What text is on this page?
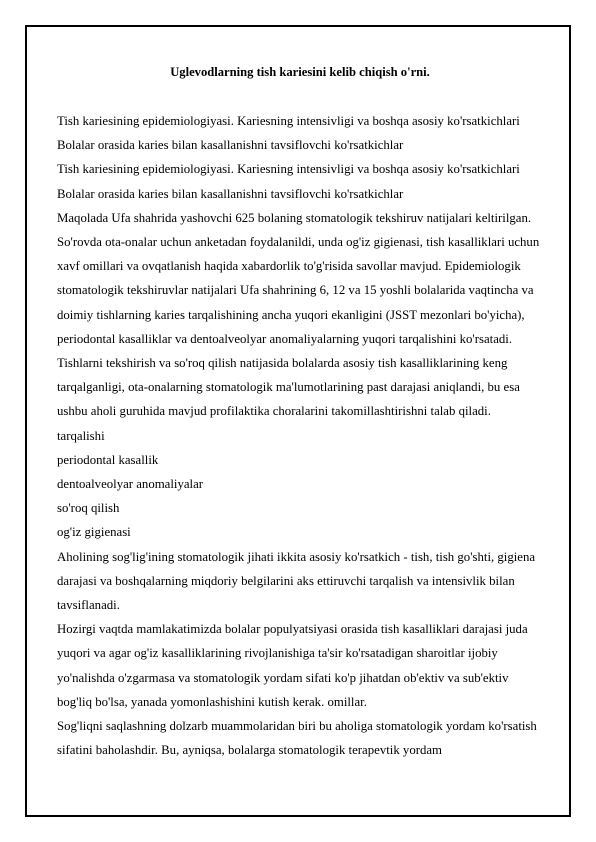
Uglevodlarning tish kariesini kelib chiqish o'rni.

Tish kariesining epidemiologiyasi. Kariesning intensivligi va boshqa asosiy ko'rsatkichlari Bolalar orasida karies bilan kasallanishni tavsiflovchi ko'rsatkichlar

Tish kariesining epidemiologiyasi. Kariesning intensivligi va boshqa asosiy ko'rsatkichlari Bolalar orasida karies bilan kasallanishni tavsiflovchi ko'rsatkichlar

Maqolada Ufa shahrida yashovchi 625 bolaning stomatologik tekshiruv natijalari keltirilgan. So'rovda ota-onalar uchun anketadan foydalanildi, unda og'iz gigienasi, tish kasalliklari uchun xavf omillari va ovqatlanish haqida xabardorlik to'g'risida savollar mavjud. Epidemiologik stomatologik tekshiruvlar natijalari Ufa shahrining 6, 12 va 15 yoshli bolalarida vaqtincha va doimiy tishlarning karies tarqalishining ancha yuqori ekanligini (JSST mezonlari bo'yicha), periodontal kasalliklar va dentoalveolyar anomaliyalarning yuqori tarqalishini ko'rsatadi. Tishlarni tekshirish va so'roq qilish natijasida bolalarda asosiy tish kasalliklarining keng tarqalganligi, ota-onalarning stomatologik ma'lumotlarining past darajasi aniqlandi, bu esa ushbu aholi guruhida mavjud profilaktika choralarini takomillashtirishni talab qiladi.

tarqalishi

periodontal kasallik

dentoalveolyar anomaliyalar

so'roq qilish

og'iz gigienasi

Aholining sog'lig'ining stomatologik jihati ikkita asosiy ko'rsatkich - tish, tish go'shti, gigiena darajasi va boshqalarning miqdoriy belgilarini aks ettiruvchi tarqalish va intensivlik bilan tavsiflanadi.

Hozirgi vaqtda mamlakatimizda bolalar populyatsiyasi orasida tish kasalliklari darajasi juda yuqori va agar og'iz kasalliklarining rivojlanishiga ta'sir ko'rsatadigan sharoitlar ijobiy yo'nalishda o'zgarmasa va stomatologik yordam sifati ko'p jihatdan ob'ektiv va sub'ektiv bog'liq bo'lsa, yanada yomonlashishini kutish kerak. omillar.

Sog'liqni saqlashning dolzarb muammolaridan biri bu aholiga stomatologik yordam ko'rsatish sifatini baholashdir. Bu, ayniqsa, bolalarga stomatologik terapevtik yordam
